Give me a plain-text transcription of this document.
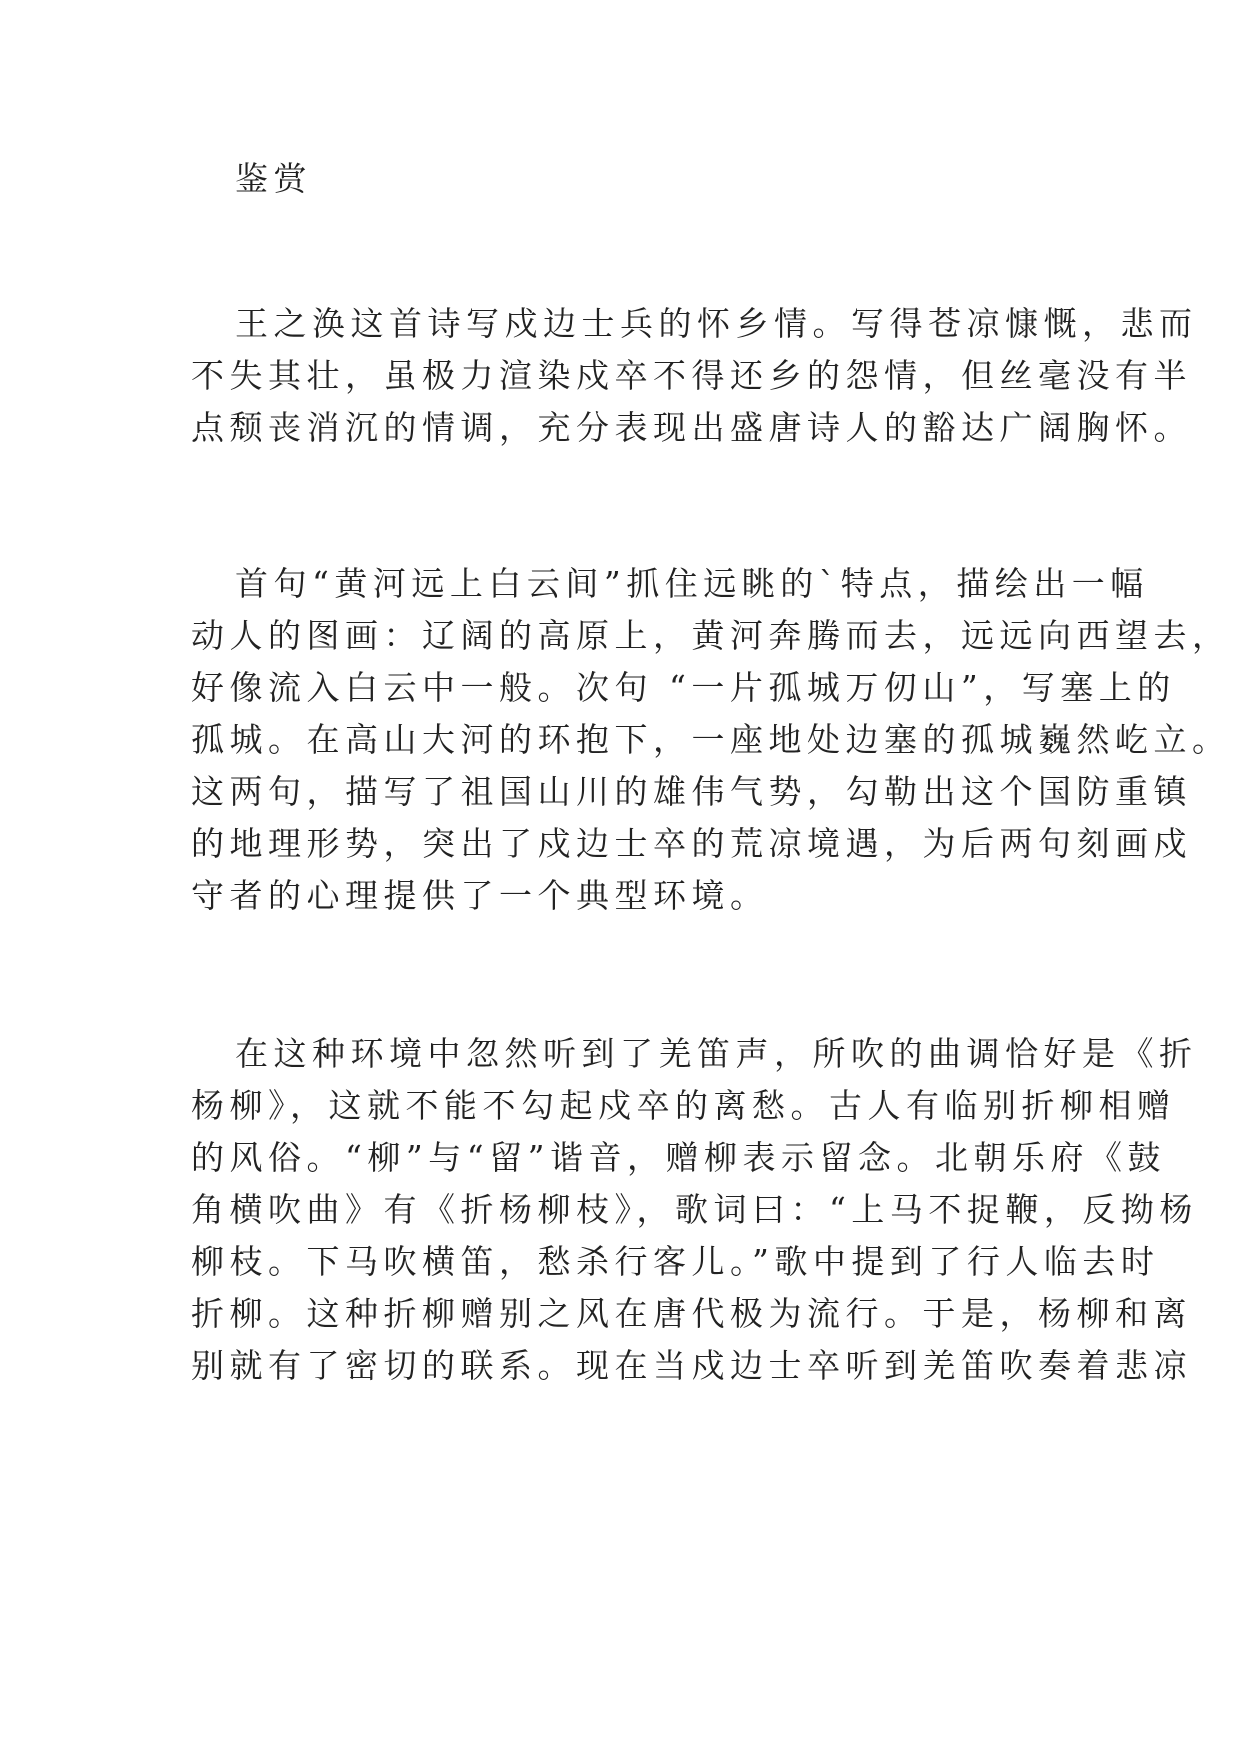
鉴赏

王之涣这首诗写戍边士兵的怀乡情。写得苍凉慷慨，悲而

不失其壮，虽极力渲染戍卒不得还乡的怨情，但丝毫没有半

点颓丧消沉的情调，充分表现出盛唐诗人的豁达广阔胸怀。

首句“黄河远上白云间”抓住远眺的`特点，描绘出一幅

动人的图画：辽阔的高原上，黄河奔腾而去，远远向西望去，

好像流入白云中一般。次句 “一片孤城万仞山”，写塞上的

孤城。在高山大河的环抱下，一座地处边塞的孤城巍然屹立。

这两句，描写了祖国山川的雄伟气势，勾勒出这个国防重镇

的地理形势，突出了戍边士卒的荒凉境遇，为后两句刻画戍

守者的心理提供了一个典型环境。

在这种环境中忽然听到了羌笛声，所吹的曲调恰好是《折

杨柳》，这就不能不勾起戍卒的离愁。古人有临别折柳相赠

的风俗。“柳”与“留”谐音，赠柳表示留念。北朝乐府《鼓

角横吹曲》有《折杨柳枝》，歌词曰：“上马不捉鞭，反拗杨

柳枝。下马吹横笛，愁杀行客儿。”歌中提到了行人临去时

折柳。这种折柳赠别之风在唐代极为流行。于是，杨柳和离

别就有了密切的联系。现在当戍边士卒听到羌笛吹奏着悲凉
